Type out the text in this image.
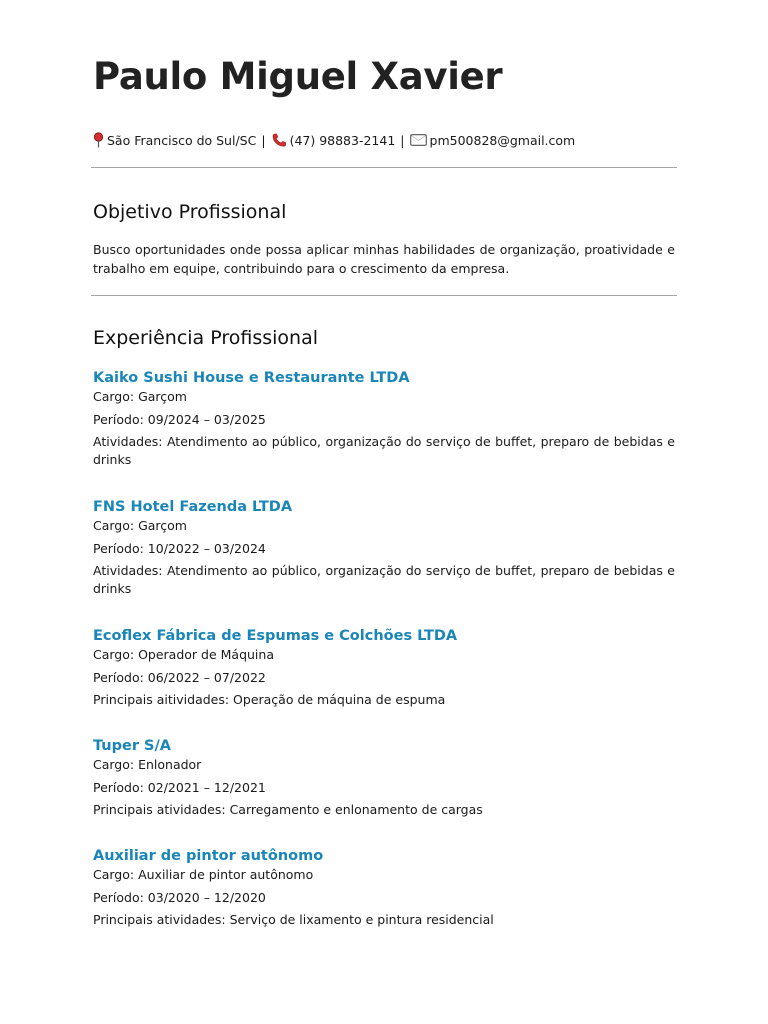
Paulo Miguel Xavier
São Francisco do Sul/SC | (47) 98883-2141 | pm500828@gmail.com
Objetivo Profissional

Busco oportunidades onde possa aplicar minhas habilidades de organização, proatividade e trabalho em equipe, contribuindo para o crescimento da empresa.

Experiência Profissional

Kaiko Sushi House e Restaurante LTDA

Cargo: Garçom

Período: 09/2024 – 03/2025

Atividades: Atendimento ao público, organização do serviço de buffet, preparo de bebidas e drinks

FNS Hotel Fazenda LTDA

Cargo: Garçom

Período: 10/2022 – 03/2024

Atividades: Atendimento ao público, organização do serviço de buffet, preparo de bebidas e drinks

Ecoflex Fábrica de Espumas e Colchões LTDA

Cargo: Operador de Máquina

Período: 06/2022 – 07/2022

Principais aitividades: Operação de máquina de espuma

Tuper S/A

Cargo: Enlonador

Período: 02/2021 – 12/2021

Principais atividades: Carregamento e enlonamento de cargas

Auxiliar de pintor autônomo

Cargo: Auxiliar de pintor autônomo

Período: 03/2020 – 12/2020

Principais atividades: Serviço de lixamento e pintura residencial
